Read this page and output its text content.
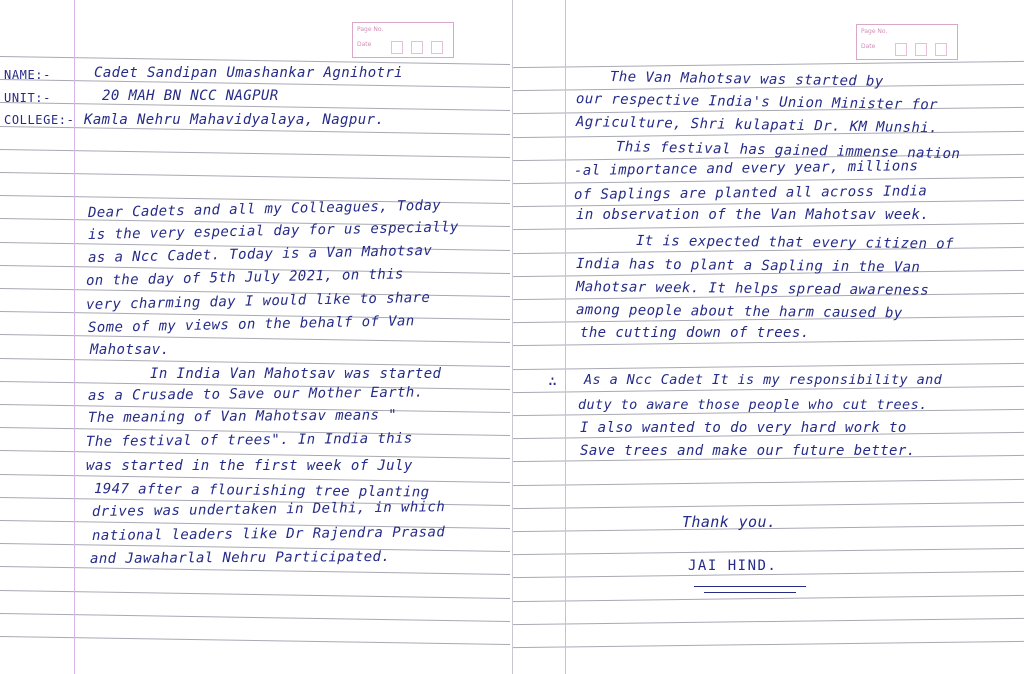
Page No.
Date
Page No.
Date
NAME:-	Cadet Sandipan Umashankar Agnihotri
UNIT:-	20 MAH BN NCC NAGPUR
COLLEGE:- Kamla Nehru Mahavidyalaya, Nagpur.
Dear Cadets and all my Colleagues, Today
is the very especial day for us especially
as a Ncc Cadet. Today is a Van Mahotsav
on the day of 5th July 2021, on this
very charming day I would like to share
Some of my views on the behalf of Van
Mahotsav.
In India Van Mahotsav was started
as a Crusade to Save our Mother Earth.
The meaning of Van Mahotsav means "
The festival of trees". In India this
was started in the first week of July
1947 after a flourishing tree planting
drives was undertaken in Delhi, in which
national leaders like Dr Rajendra Prasad
and Jawaharlal Nehru Participated.
The Van Mahotsav was started by
our respective India's Union Minister for
Agriculture, Shri kulapati Dr. KM Munshi.
This festival has gained immense nation
-al importance and every year, millions
of Saplings are planted all across India
in observation of the Van Mahotsav week.
It is expected that every citizen of
India has to plant a Sapling in the Van
Mahotsar week. It helps spread awareness
among people about the harm caused by
the cutting down of trees.
∴ As a Ncc Cadet It is my responsibility and
duty to aware those people who cut trees.
I also wanted to do very hard work to
Save trees and make our future better.
Thank you.
JAI HIND.
